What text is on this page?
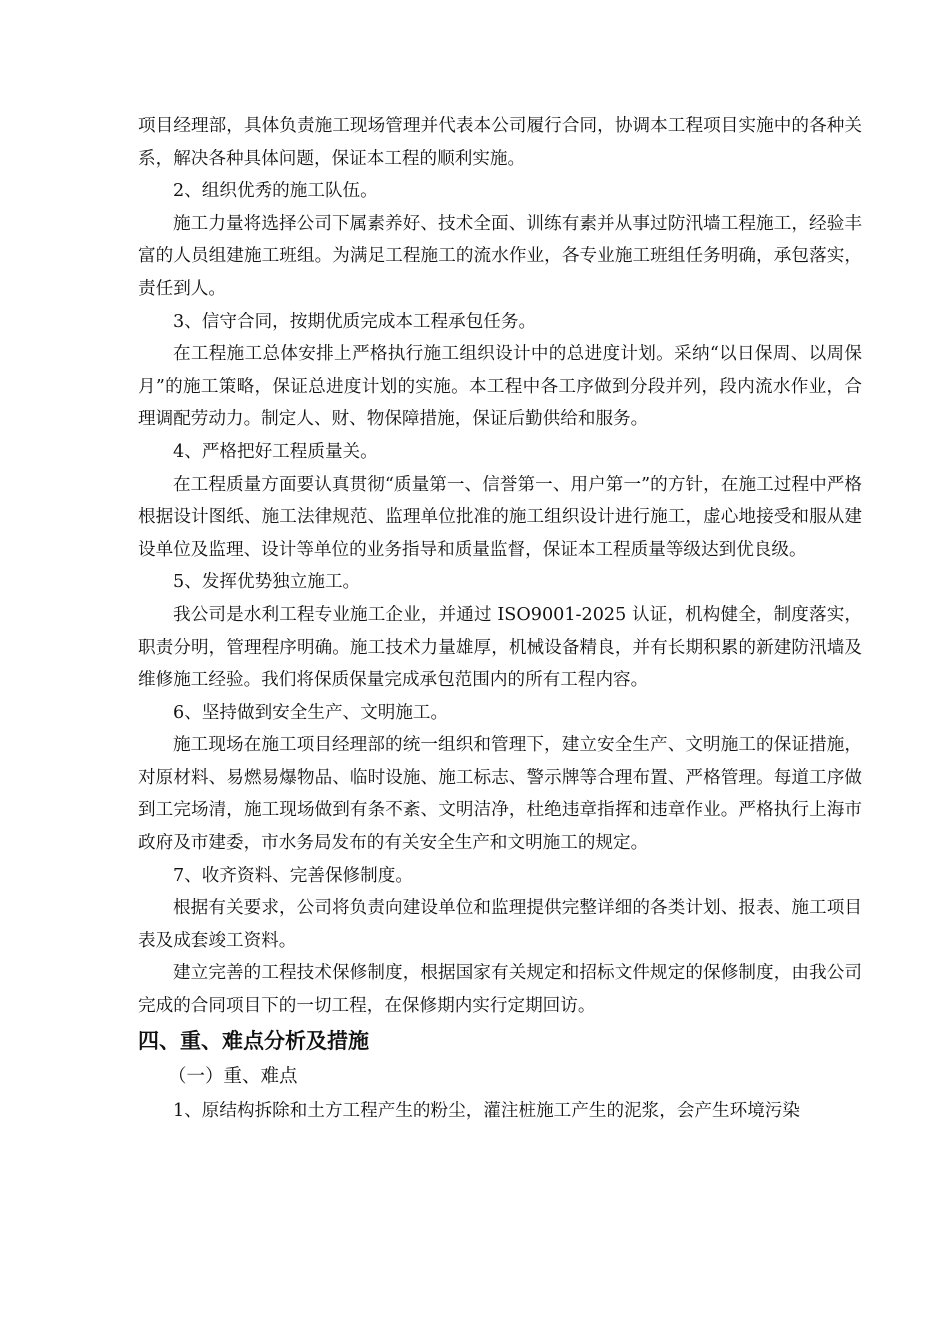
项目经理部，具体负责施工现场管理并代表本公司履行合同，协调本工程项目实施中的各种关系，解决各种具体问题，保证本工程的顺利实施。

2、组织优秀的施工队伍。

施工力量将选择公司下属素养好、技术全面、训练有素并从事过防汛墙工程施工，经验丰富的人员组建施工班组。为满足工程施工的流水作业，各专业施工班组任务明确，承包落实，责任到人。

3、信守合同，按期优质完成本工程承包任务。

在工程施工总体安排上严格执行施工组织设计中的总进度计划。采纳“以日保周、以周保月”的施工策略，保证总进度计划的实施。本工程中各工序做到分段并列，段内流水作业，合理调配劳动力。制定人、财、物保障措施，保证后勤供给和服务。

4、严格把好工程质量关。

在工程质量方面要认真贯彻“质量第一、信誉第一、用户第一”的方针，在施工过程中严格根据设计图纸、施工法律规范、监理单位批准的施工组织设计进行施工，虚心地接受和服从建设单位及监理、设计等单位的业务指导和质量监督，保证本工程质量等级达到优良级。

5、发挥优势独立施工。

我公司是水利工程专业施工企业，并通过 ISO9001-2025 认证，机构健全，制度落实，职责分明，管理程序明确。施工技术力量雄厚，机械设备精良，并有长期积累的新建防汛墙及维修施工经验。我们将保质保量完成承包范围内的所有工程内容。

6、坚持做到安全生产、文明施工。

施工现场在施工项目经理部的统一组织和管理下，建立安全生产、文明施工的保证措施，对原材料、易燃易爆物品、临时设施、施工标志、警示牌等合理布置、严格管理。每道工序做到工完场清，施工现场做到有条不紊、文明洁净，杜绝违章指挥和违章作业。严格执行上海市政府及市建委，市水务局发布的有关安全生产和文明施工的规定。

7、收齐资料、完善保修制度。

根据有关要求，公司将负责向建设单位和监理提供完整详细的各类计划、报表、施工项目表及成套竣工资料。

建立完善的工程技术保修制度，根据国家有关规定和招标文件规定的保修制度，由我公司完成的合同项目下的一切工程，在保修期内实行定期回访。

四、重、难点分析及措施

（一）重、难点

1、原结构拆除和土方工程产生的粉尘，灌注桩施工产生的泥浆，会产生环境污染
